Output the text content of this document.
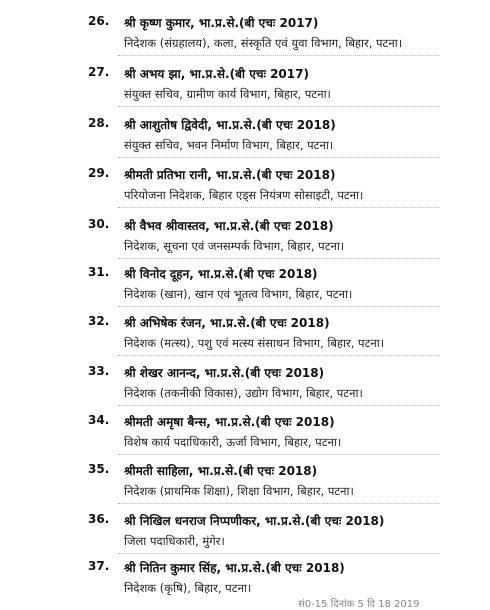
26. श्री कृष्ण कुमार, भा.प्र.से.(बी एचः 2017)
निदेशक (संग्रहालय), कला, संस्कृति एवं युवा विभाग, बिहार, पटना।
27. श्री अभय झा, भा.प्र.से.(बी एचः 2017)
संयुक्त सचिव, ग्रामीण कार्य विभाग, बिहार, पटना।
28. श्री आशुतोष द्विवेदी, भा.प्र.से.(बी एचः 2018)
संयुक्त सचिव, भवन निर्माण विभाग, बिहार, पटना।
29. श्रीमती प्रतिभा रानी, भा.प्र.से.(बी एचः 2018)
परियोजना निदेशक, बिहार एड्स नियंत्रण सोसाइटी, पटना।
30. श्री वैभव श्रीवास्तव, भा.प्र.से.(बी एचः 2018)
निदेशक, सूचना एवं जनसम्पर्क विभाग, बिहार, पटना।
31. श्री विनोद दूहन, भा.प्र.से.(बी एचः 2018)
निदेशक (खान), खान एवं भूतत्व विभाग, बिहार, पटना।
32. श्री अभिषेक रंजन, भा.प्र.से.(बी एचः 2018)
निदेशक (मत्स्य), पशु एवं मत्स्य संसाधन विभाग, बिहार, पटना।
33. श्री शेखर आनन्द, भा.प्र.से.(बी एचः 2018)
निदेशक (तकनीकी विकास), उद्योग विभाग, बिहार, पटना।
34. श्रीमती अमृषा बैन्स, भा.प्र.से.(बी एचः 2018)
विशेष कार्य पदाधिकारी, ऊर्जा विभाग, बिहार, पटना।
35. श्रीमती साहिला, भा.प्र.से.(बी एचः 2018)
निदेशक (प्राथमिक शिक्षा), शिक्षा विभाग, बिहार, पटना।
36. श्री निखिल धनराज निप्पणीकर, भा.प्र.से.(बी एचः 2018)
जिला पदाधिकारी, मुंगेर।
37. श्री नितिन कुमार सिंह, भा.प्र.से.(बी एचः 2018)
निदेशक (कृषि), बिहार, पटना।
सं0-15 दिनांक 5 दि 18 2019
